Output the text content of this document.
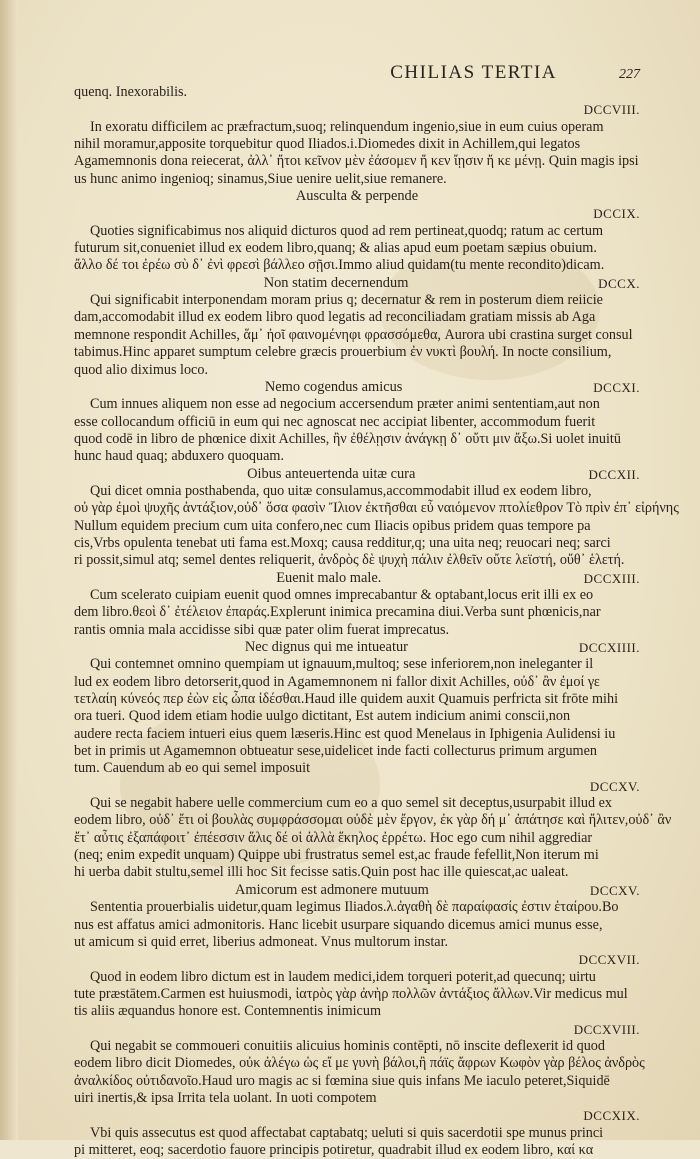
CHILIAS TERTIA	227
quenq. Inexorabilis.
DCCVIII.
In exoratu difficilem ac præfractum,suoq; relinquendum ingenio,siue in eum cuius operam
nihil moramur,apposite torquebitur quod Iliados.i.Diomedes dixit in Achillem,qui legatos
Agamemnonis dona reiecerat, ἀλλ᾽ ἤτοι κεῖνον μὲν ἐάσομεν ἤ κεν ἴῃσιν ἤ κε μένῃ. Quin magis ipsi
us hunc animo ingenioq; sinamus,Siue uenire uelit,siue remanere.
Ausculta & perpende
DCCIX.
Quoties significabimus nos aliquid dicturos quod ad rem pertineat,quodq; ratum ac certum
futurum sit,conueniet illud ex eodem libro,quanq; & alias apud eum poetam sæpius obuium.
ἄλλο δέ τοι ἐρέω σὺ δ᾽ ἐνὶ φρεσὶ βάλλεο σῇσι.Immo aliud quidam(tu mente recondito)dicam.
Non statim decernendum	DCCX.
Qui significabit interponendam moram prius q; decernatur & rem in posterum diem reiicie
dam,accomodabit illud ex eodem libro quod legatis ad reconciliadam gratiam missis ab Aga
memnone respondit Achilles, ἅμ᾽ ἠοῖ φαινομένηφι φρασσόμεθα, Aurora ubi crastina surget consul
tabimus.Hinc apparet sumptum celebre græcis prouerbium ἐν νυκτὶ βουλή. In nocte consilium,
quod alio diximus loco.
Nemo cogendus amicus	DCCXI.
Cum innues aliquem non esse ad negocium accersendum præter animi sententiam,aut non
esse collocandum officiū in eum qui nec agnoscat nec accipiat libenter, accommodum fuerit
quod codē in libro de phœnice dixit Achilles, ἢν ἐθέλῃσιν ἀνάγκῃ δ᾽ οὔτι μιν ἄξω.Si uolet inuitū
hunc haud quaq; abduxero quoquam.
Oibus anteuertenda uitæ cura	DCCXII.
Qui dicet omnia posthabenda, quo uitæ consulamus,accommodabit illud ex eodem libro,
οὐ γὰρ ἐμοὶ ψυχῆς ἀντάξιον,οὐδ᾽ ὅσα φασὶν Ἴλιον ἐκτῆσθαι εὖ ναιόμενον πτολίεθρον Τὸ πρὶν ἐπ᾽ εἰρήνης
Nullum equidem precium cum uita confero,nec cum Iliacis opibus pridem quas tempore pa
cis,Vrbs opulenta tenebat uti fama est.Moxq; causa redditur,q; una uita neq; reuocari neq; sarci
ri possit,simul atq; semel dentes reliquerit, ἀνδρὸς δὲ ψυχὴ πάλιν ἐλθεῖν οὔτε λεϊστή, οὔθ᾽ ἑλετή.
Euenit malo male.	DCCXIII.
Cum scelerato cuipiam euenit quod omnes imprecabantur & optabant,locus erit illi ex eo
dem libro.θεοὶ δ᾽ ἐτέλειον ἐπαράς.Explerunt inimica precamina diui.Verba sunt phœnicis,nar
rantis omnia mala accidisse sibi quæ pater olim fuerat imprecatus.
Nec dignus qui me intueatur	DCCXIIII.
Qui contemnet omnino quempiam ut ignauum,multoq; sese inferiorem,non ineleganter il
lud ex eodem libro detorserit,quod in Agamemnonem ni fallor dixit Achilles, οὐδ᾽ ἂν ἐμοί γε
τετλαίη κύνεός περ ἐὼν εἰς ὦπα ἰδέσθαι.Haud ille quidem auxit Quamuis perfricta sit frōte mihi
ora tueri. Quod idem etiam hodie uulgo dictitant, Est autem indicium animi conscii,non
audere recta faciem intueri eius quem læseris.Hinc est quod Menelaus in Iphigenia Aulidensi iu
bet in primis ut Agamemnon obtueatur sese,uidelicet inde facti collecturus primum argumen
tum. Cauendum ab eo qui semel imposuit
DCCXV.
Qui se negabit habere uelle commercium cum eo a quo semel sit deceptus,usurpabit illud ex
eodem libro, οὐδ᾽ ἔτι οἱ βουλὰς συμφράσσομαι οὐδὲ μὲν ἔργον, ἐκ γὰρ δή μ᾽ ἀπάτησε καὶ ἤλιτεν,οὐδ᾽ ἂν
ἔτ᾽ αὖτις ἐξαπάφοιτ᾽ ἐπέεσσιν ἅλις δέ οἱ ἀλλὰ ἕκηλος ἐρρέτω. Hoc ego cum nihil aggrediar
(neq; enim expedit unquam) Quippe ubi frustratus semel est,ac fraude fefellit,Non iterum mi
hi uerba dabit stultu,semel illi hoc Sit fecisse satis.Quin post hac ille quiescat,ac ualeat.
Amicorum est admonere mutuum	DCCXV.
Sententia prouerbialis uidetur,quam legimus Iliados.λ.ἀγαθὴ δὲ παραίφασίς ἐστιν ἑταίρου.Bo
nus est affatus amici admonitoris. Hanc licebit usurpare siquando dicemus amici munus esse,
ut amicum si quid erret, liberius admoneat. Vnus multorum instar.
DCCXVII.
Quod in eodem libro dictum est in laudem medici,idem torqueri poterit,ad quecunq; uirtu
tute præstātem.Carmen est huiusmodi, ἰατρὸς γὰρ ἀνὴρ πολλῶν ἀντάξιος ἄλλων.Vir medicus mul
tis aliis æquandus honore est. Contemnentis inimicum
DCCXVIII.
Qui negabit se commoueri conuitiis alicuius hominis contēpti, nō inscite deflexerit id quod
eodem libro dicit Diomedes, οὐκ ἀλέγω ὡς εἴ με γυνὴ βάλοι,ἢ πάϊς ἄφρων Κωφὸν γὰρ βέλος ἀνδρὸς
ἀναλκίδος οὐτιδανοῖο.Haud uro magis ac si fœmina siue quis infans Me iaculo peteret,Siquidē
uiri inertis,& ipsa Irrita tela uolant. In uoti compotem
DCCXIX.
Vbi quis assecutus est quod affectabat captabatq; ueluti si quis sacerdotii spe munus princi
pi mitteret, eoq; sacerdotio fauore principis potiretur, quadrabit illud ex eodem libro, καί κα
